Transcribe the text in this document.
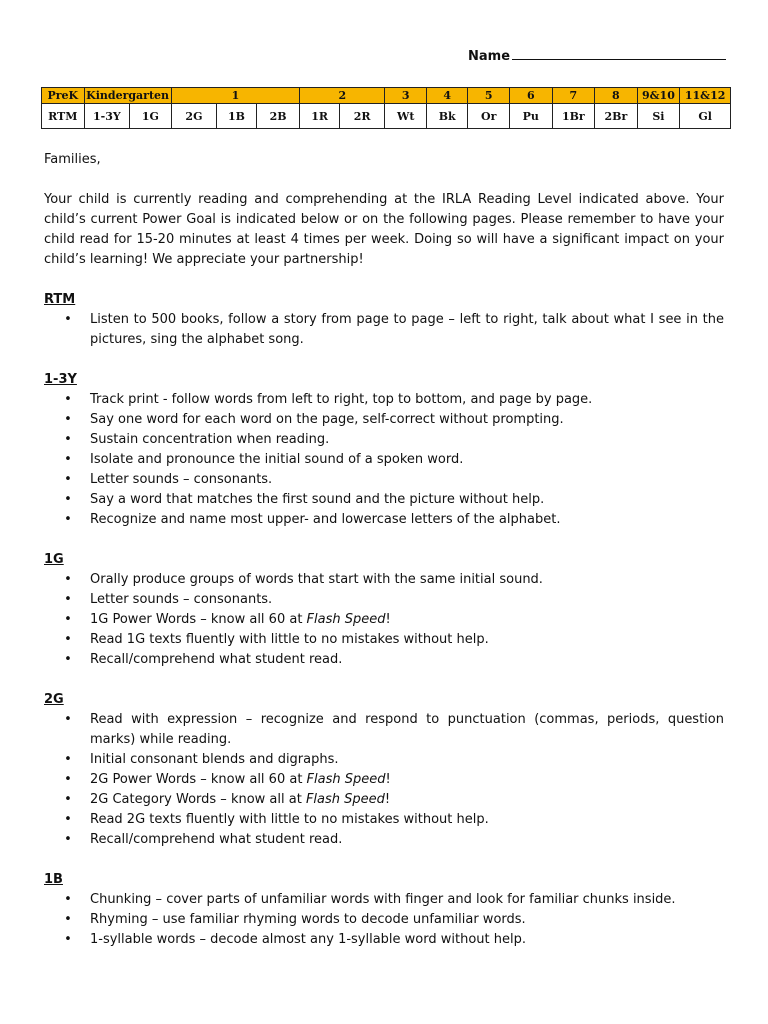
Name
PreK	Kindergarten		1			2		3	4	5	6	7	8	9&10	11&12
RTM	1-3Y	1G	2G	1B	2B	1R	2R	Wt	Bk	Or	Pu	1Br	2Br	Si	Gl

Families,

Your child is currently reading and comprehending at the IRLA Reading Level indicated above. Your child’s current Power Goal is indicated below or on the following pages. Please remember to have your child read for 15-20 minutes at least 4 times per week. Doing so will have a significant impact on your child’s learning! We appreciate your partnership!

RTM
• Listen to 500 books, follow a story from page to page – left to right, talk about what I see in the pictures, sing the alphabet song.
1-3Y
• Track print - follow words from left to right, top to bottom, and page by page.
• Say one word for each word on the page, self-correct without prompting.
• Sustain concentration when reading.
• Isolate and pronounce the initial sound of a spoken word.
• Letter sounds – consonants.
• Say a word that matches the first sound and the picture without help.
• Recognize and name most upper- and lowercase letters of the alphabet.
1G
• Orally produce groups of words that start with the same initial sound.
• Letter sounds – consonants.
• 1G Power Words – know all 60 at Flash Speed!
• Read 1G texts fluently with little to no mistakes without help.
• Recall/comprehend what student read.
2G
• Read with expression – recognize and respond to punctuation (commas, periods, question marks) while reading.
• Initial consonant blends and digraphs.
• 2G Power Words – know all 60 at Flash Speed!
• 2G Category Words – know all at Flash Speed!
• Read 2G texts fluently with little to no mistakes without help.
• Recall/comprehend what student read.
1B
• Chunking – cover parts of unfamiliar words with finger and look for familiar chunks inside.
• Rhyming – use familiar rhyming words to decode unfamiliar words.
• 1-syllable words – decode almost any 1-syllable word without help.
